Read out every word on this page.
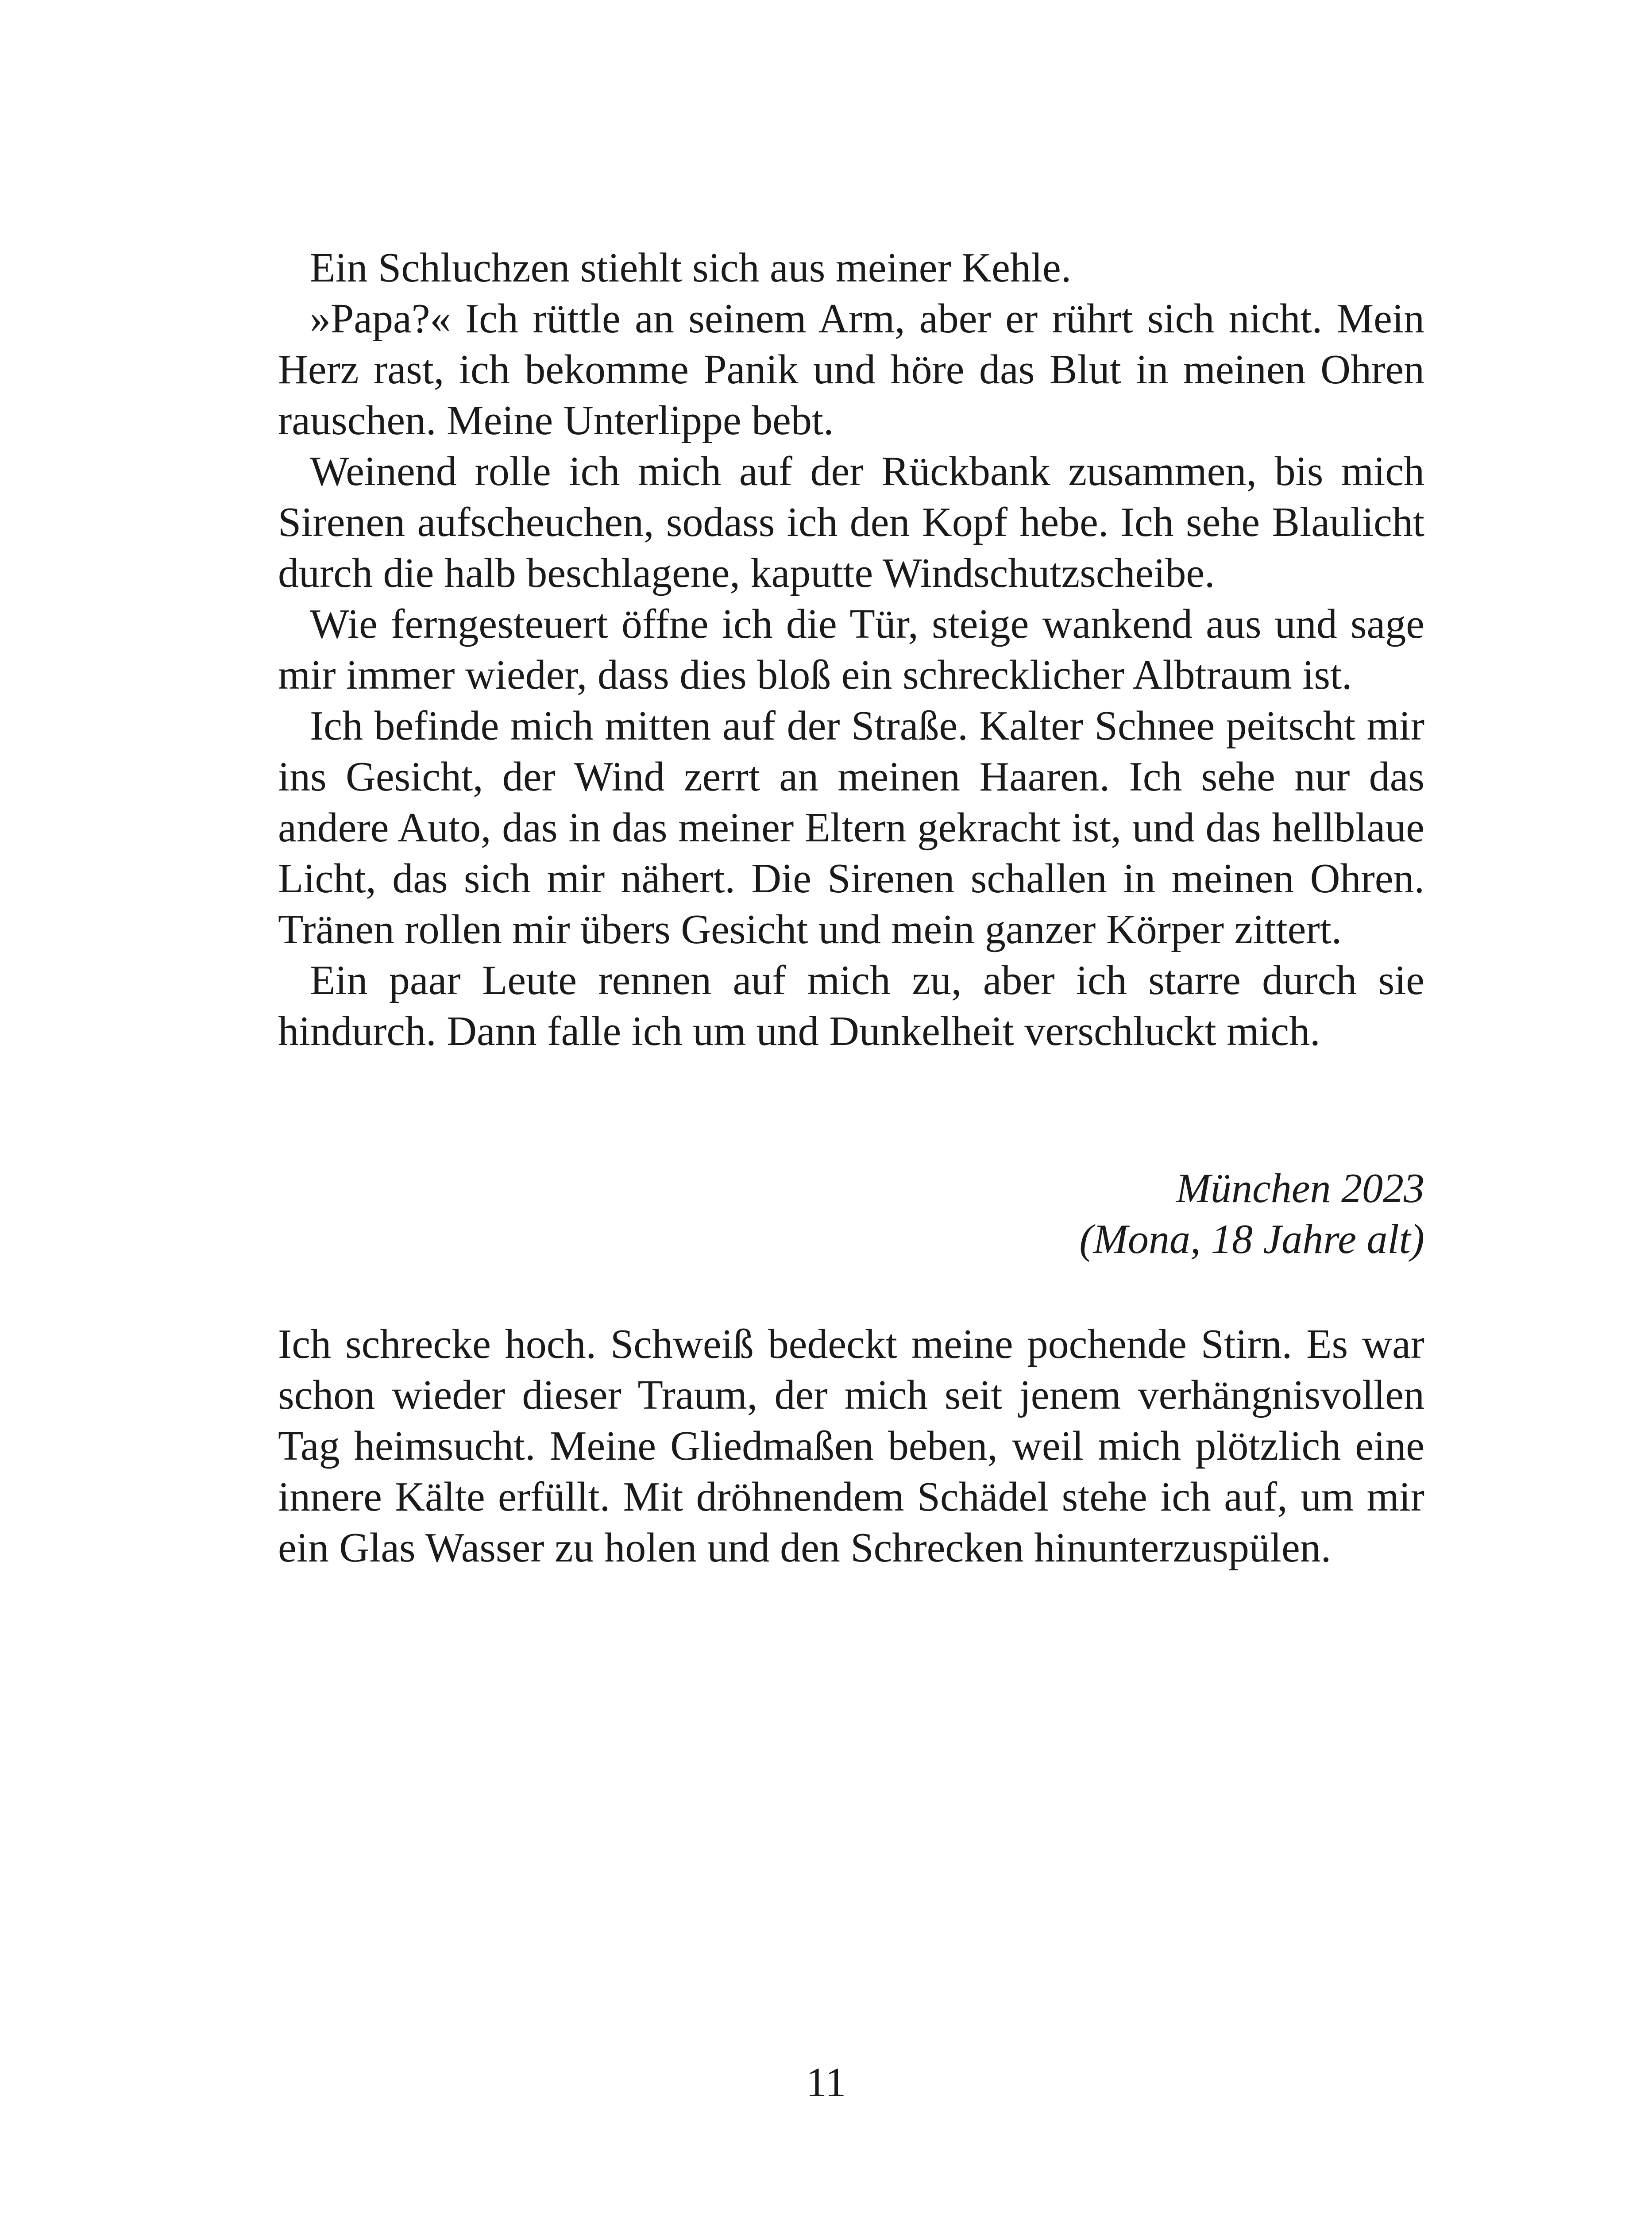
Ein Schluchzen stiehlt sich aus meiner Kehle.

»Papa?« Ich rüttle an seinem Arm, aber er rührt sich nicht. Mein Herz rast, ich bekomme Panik und höre das Blut in meinen Ohren rauschen. Meine Unterlippe bebt.

Weinend rolle ich mich auf der Rückbank zusammen, bis mich Sirenen aufscheuchen, sodass ich den Kopf hebe. Ich sehe Blaulicht durch die halb beschlagene, kaputte Windschutzscheibe.

Wie ferngesteuert öffne ich die Tür, steige wankend aus und sage mir immer wieder, dass dies bloß ein schrecklicher Albtraum ist.

Ich befinde mich mitten auf der Straße. Kalter Schnee peitscht mir ins Gesicht, der Wind zerrt an meinen Haaren. Ich sehe nur das andere Auto, das in das meiner Eltern gekracht ist, und das hellblaue Licht, das sich mir nähert. Die Sirenen schallen in meinen Ohren. Tränen rollen mir übers Gesicht und mein ganzer Körper zittert.

Ein paar Leute rennen auf mich zu, aber ich starre durch sie hindurch. Dann falle ich um und Dunkelheit verschluckt mich.

München 2023
(Mona, 18 Jahre alt)

Ich schrecke hoch. Schweiß bedeckt meine pochende Stirn. Es war schon wieder dieser Traum, der mich seit jenem verhängnisvollen Tag heimsucht. Meine Gliedmaßen beben, weil mich plötzlich eine innere Kälte erfüllt. Mit dröhnendem Schädel stehe ich auf, um mir ein Glas Wasser zu holen und den Schrecken hinunterzuspülen.

11
